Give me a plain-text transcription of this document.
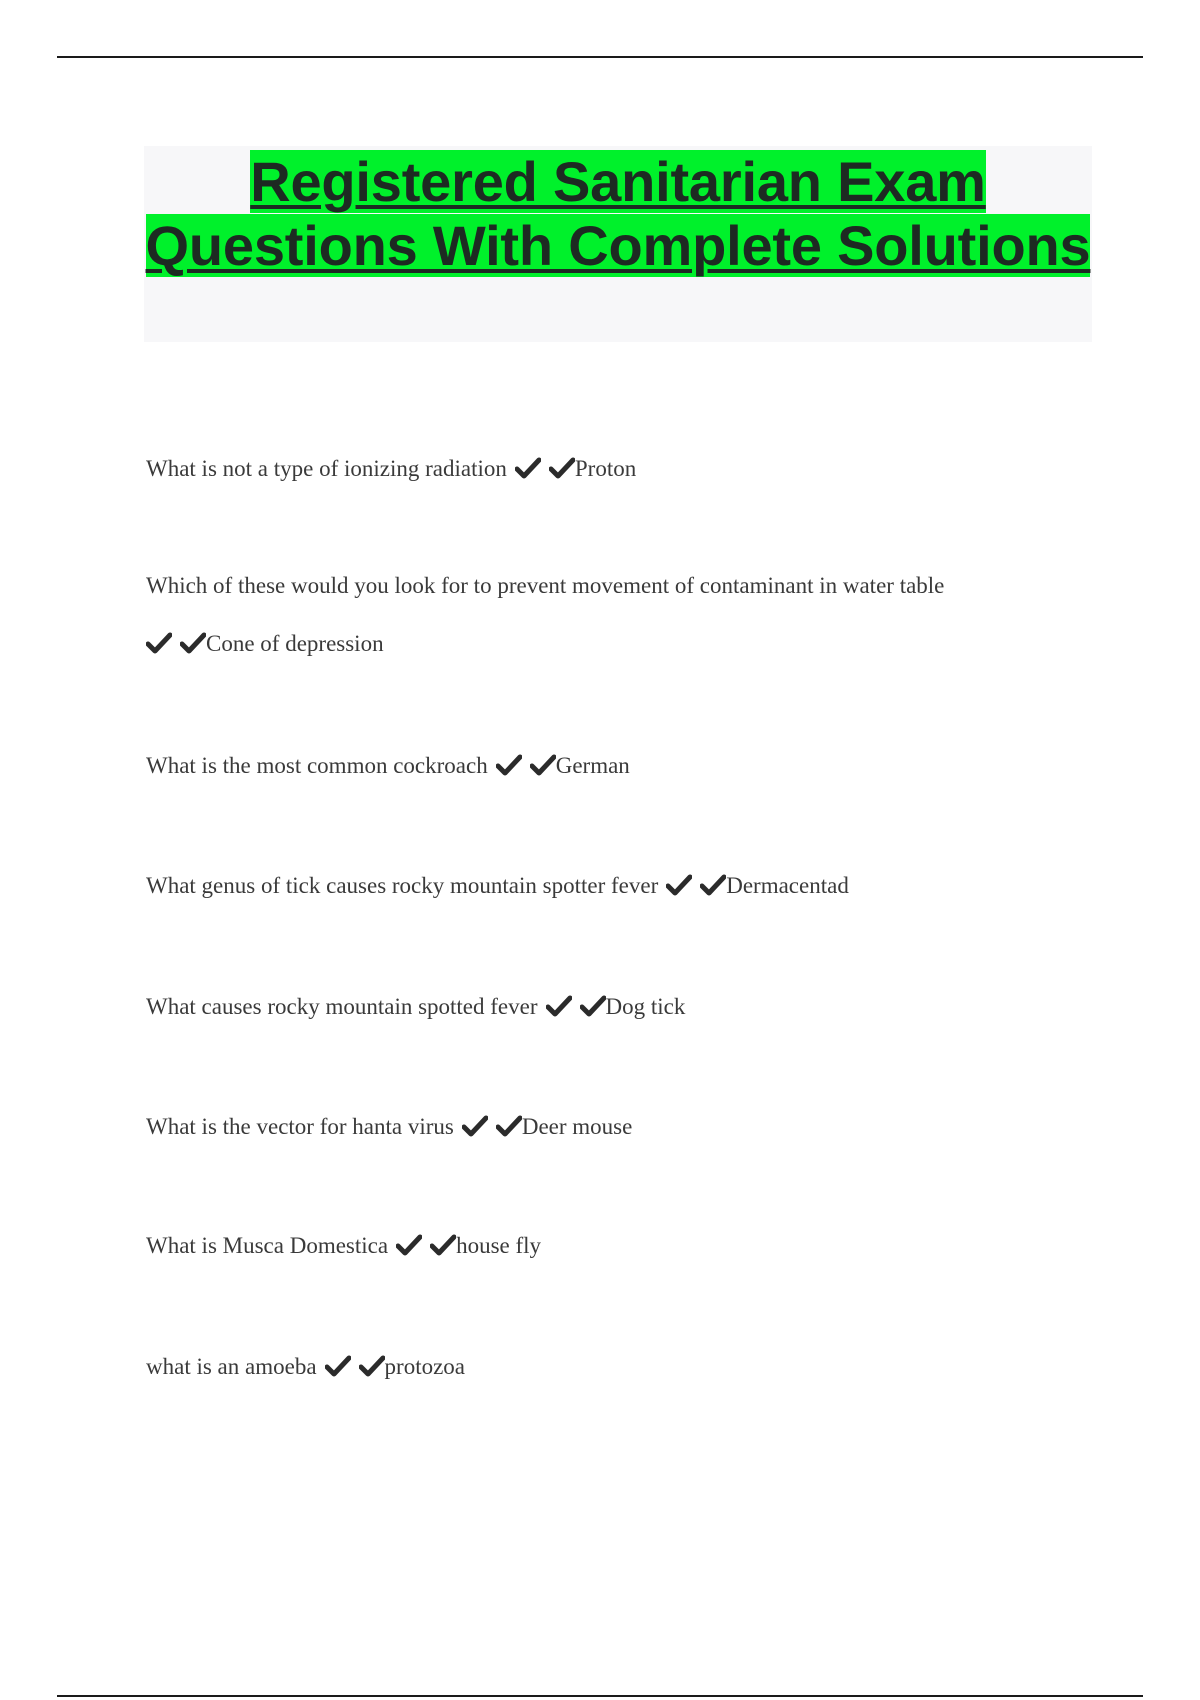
Registered Sanitarian Exam Questions With Complete Solutions

What is not a type of ionizing radiation	Proton

Which of these would you look for to prevent movement of contaminant in water table

Cone of depression

What is the most common cockroach	German

What genus of tick causes rocky mountain spotter fever	Dermacentad

What causes rocky mountain spotted fever	Dog tick

What is the vector for hanta virus	Deer mouse

What is Musca Domestica	house fly

what is an amoeba	protozoa
